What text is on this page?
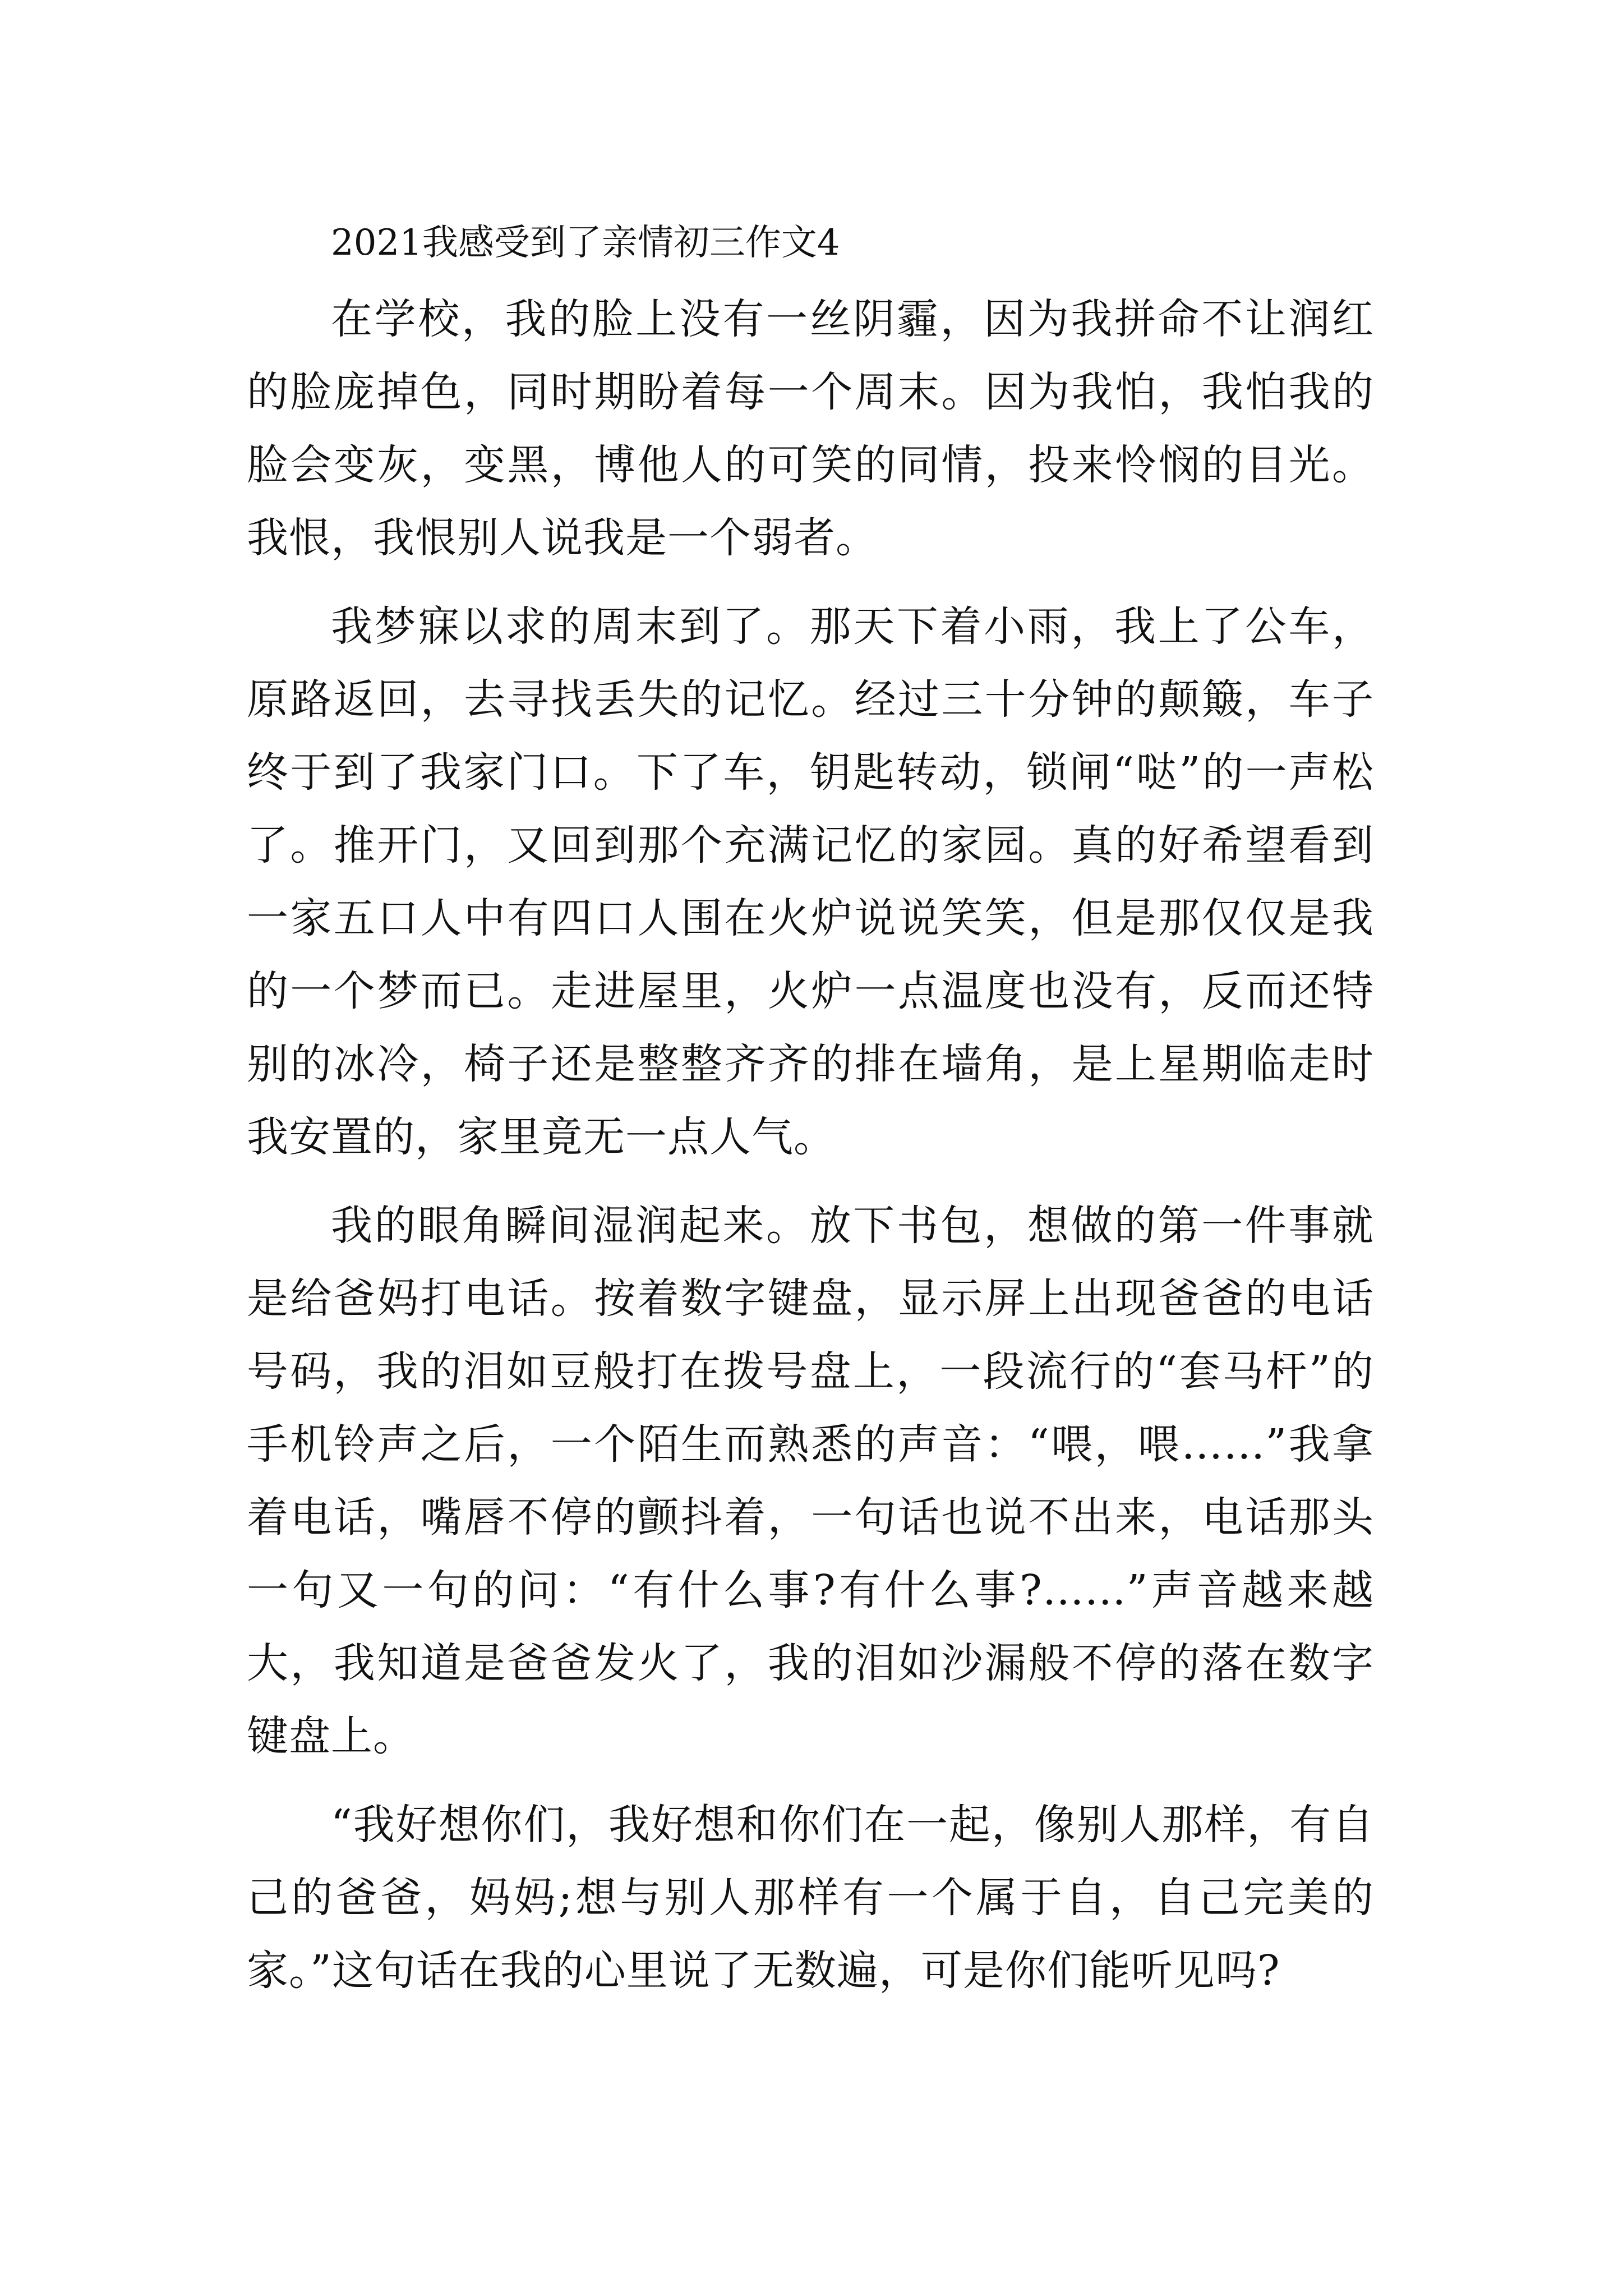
2021我感受到了亲情初三作文4

在学校，我的脸上没有一丝阴霾，因为我拼命不让润红的脸庞掉色，同时期盼着每一个周末。因为我怕，我怕我的脸会变灰，变黑，博他人的可笑的同情，投来怜悯的目光。我恨，我恨别人说我是一个弱者。

我梦寐以求的周末到了。那天下着小雨，我上了公车，原路返回，去寻找丢失的记忆。经过三十分钟的颠簸，车子终于到了我家门口。下了车，钥匙转动，锁闸“哒”的一声松了。推开门，又回到那个充满记忆的家园。真的好希望看到一家五口人中有四口人围在火炉说说笑笑，但是那仅仅是我的一个梦而已。走进屋里，火炉一点温度也没有，反而还特别的冰冷，椅子还是整整齐齐的排在墙角，是上星期临走时我安置的，家里竟无一点人气。

我的眼角瞬间湿润起来。放下书包，想做的第一件事就是给爸妈打电话。按着数字键盘，显示屏上出现爸爸的电话号码，我的泪如豆般打在拨号盘上，一段流行的“套马杆”的手机铃声之后，一个陌生而熟悉的声音：“喂，喂……”我拿着电话，嘴唇不停的颤抖着，一句话也说不出来，电话那头一句又一句的问：“有什么事?有什么事?……”声音越来越大，我知道是爸爸发火了，我的泪如沙漏般不停的落在数字键盘上。

“我好想你们，我好想和你们在一起，像别人那样，有自己的爸爸，妈妈;想与别人那样有一个属于自，自己完美的家。”这句话在我的心里说了无数遍，可是你们能听见吗?
